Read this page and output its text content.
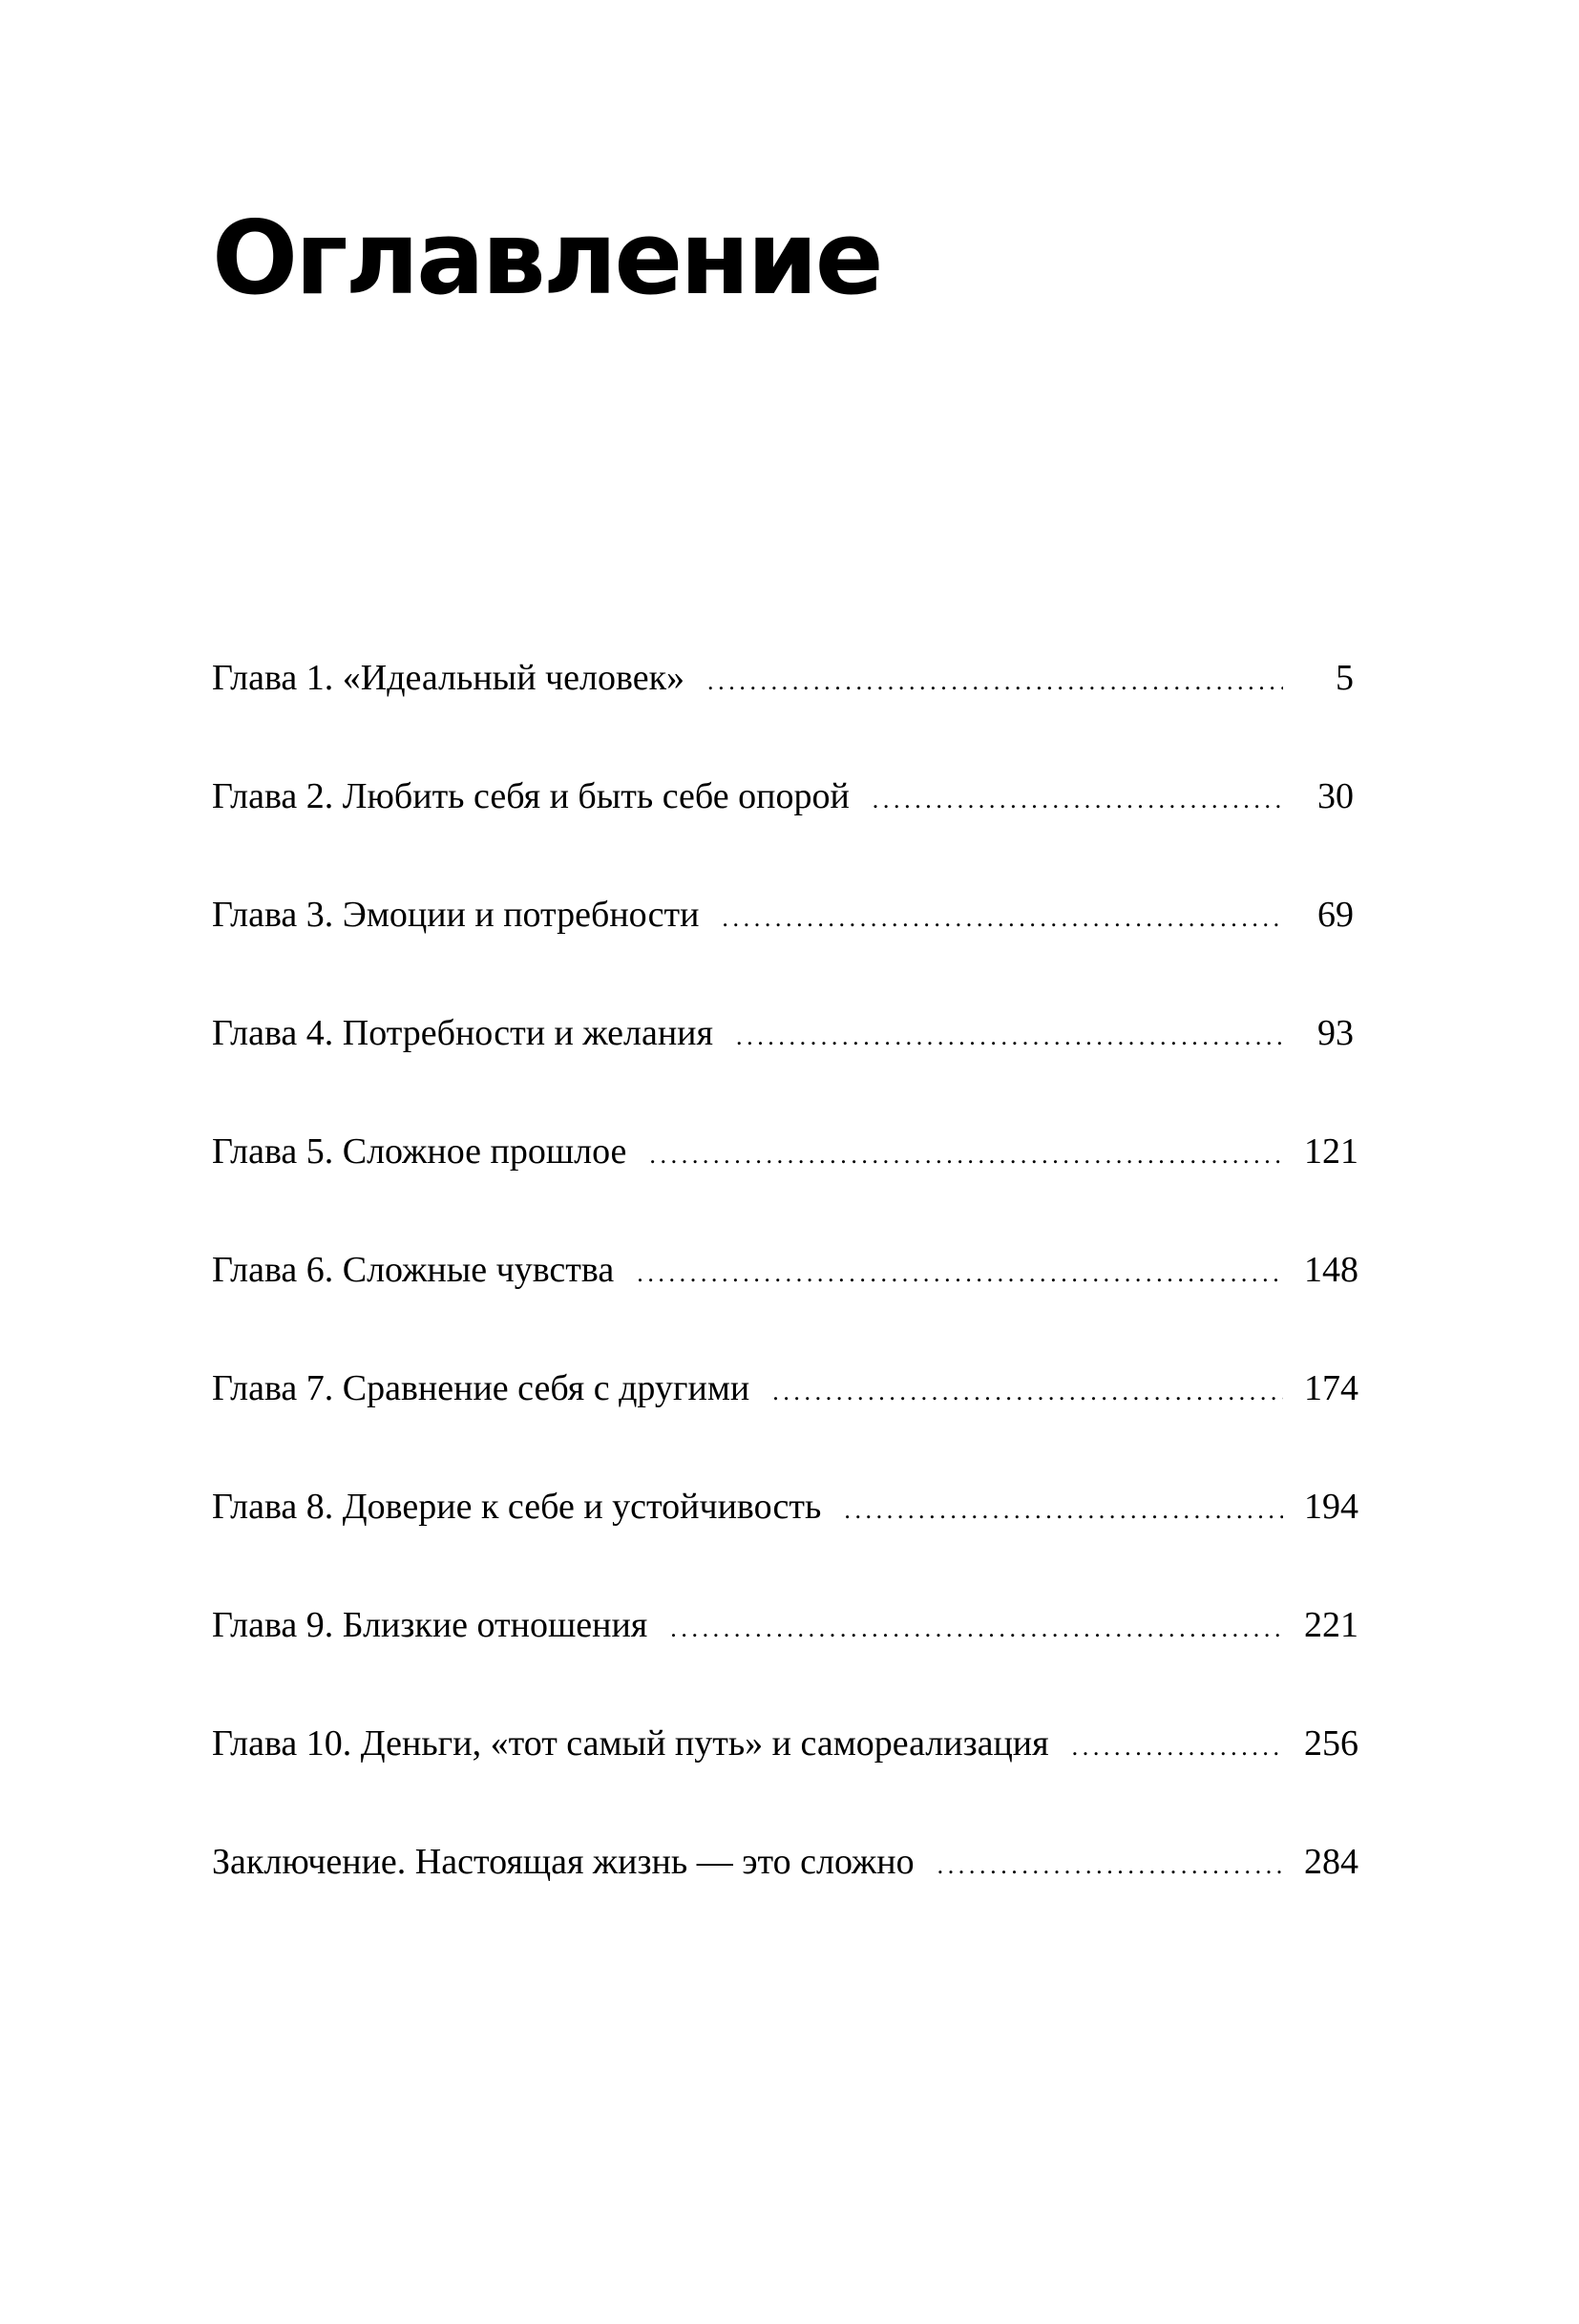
Оглавление
Глава 1. «Идеальный человек» .....	5
Глава 2. Любить себя и быть себе опорой .....	30
Глава 3. Эмоции и потребности .....	69
Глава 4. Потребности и желания .....	93
Глава 5. Сложное прошлое .....	121
Глава 6. Сложные чувства .....	148
Глава 7. Сравнение себя с другими .....	174
Глава 8. Доверие к себе и устойчивость .....	194
Глава 9. Близкие отношения .....	221
Глава 10. Деньги, «тот самый путь» и самореализация .....	256
Заключение. Настоящая жизнь — это сложно .....	284
